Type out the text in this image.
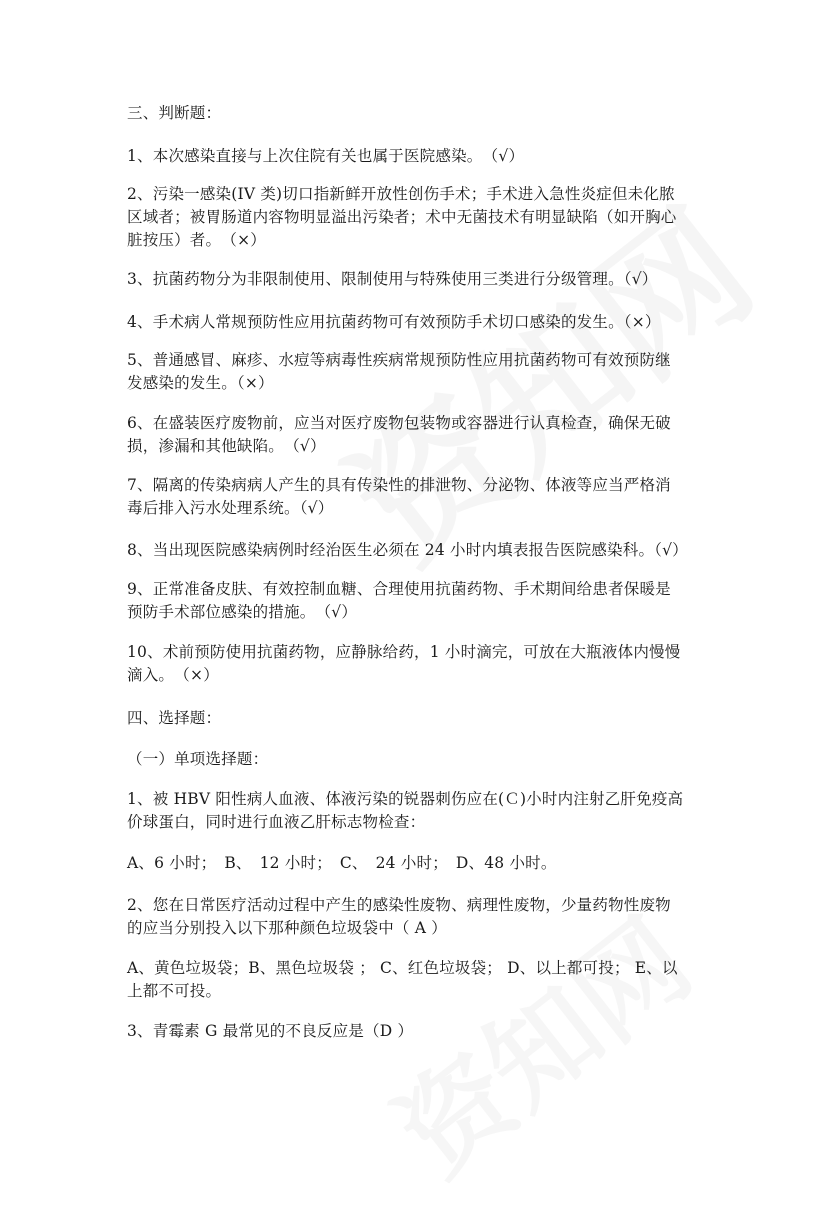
三、判断题：
1、本次感染直接与上次住院有关也属于医院感染。　（√）
2、污染一感染(IV 类)切口指新鲜开放性创伤手术；手术进入急性炎症但未化脓
区域者；被胃肠道内容物明显溢出污染者；术中无菌技术有明显缺陷（如开胸心
脏按压）者。　（×）
3、抗菌药物分为非限制使用、限制使用与特殊使用三类进行分级管理。（√）
4、手术病人常规预防性应用抗菌药物可有效预防手术切口感染的发生。（×）
5、普通感冒、麻疹、水痘等病毒性疾病常规预防性应用抗菌药物可有效预防继
发感染的发生。（×）
6、在盛装医疗废物前，应当对医疗废物包装物或容器进行认真检查，确保无破
损，渗漏和其他缺陷。　（√）
7、隔离的传染病病人产生的具有传染性的排泄物、分泌物、体液等应当严格消
毒后排入污水处理系统。（√）
8、当出现医院感染病例时经治医生必须在 24 小时内填表报告医院感染科。（√）
9、正常准备皮肤、有效控制血糖、合理使用抗菌药物、手术期间给患者保暖是
预防手术部位感染的措施。　（√）
10、术前预防使用抗菌药物，应静脉给药，1 小时滴完，可放在大瓶液体内慢慢
滴入。　（×）
四、选择题：
（一）单项选择题：
1、被 HBV 阳性病人血液、体液污染的锐器刺伤应在(Ｃ)小时内注射乙肝免疫高
价球蛋白，同时进行血液乙肝标志物检查：
A、6 小时；　B、　12 小时；　C、　24 小时；　D、48 小时。
2、您在日常医疗活动过程中产生的感染性废物、病理性废物，少量药物性废物
的应当分别投入以下那种颜色垃圾袋中（ A ）
A、黄色垃圾袋；B、黑色垃圾袋 ； C、红色垃圾袋； D、以上都可投； E、以
上都不可投。
3、青霉素 G 最常见的不良反应是（D ）
